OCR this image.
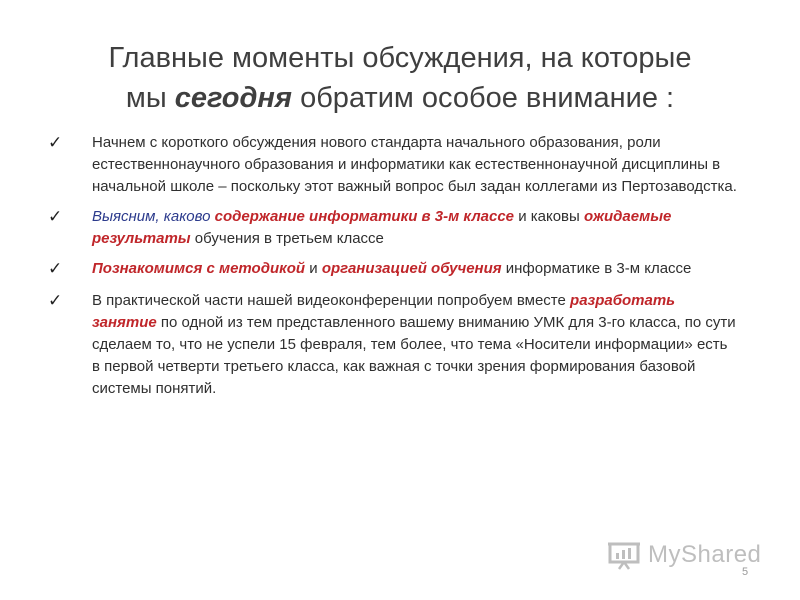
Главные моменты обсуждения, на которые
мы сегодня обратим особое внимание :
✓ Начнем с короткого обсуждения нового стандарта начального образования, роли естественнонаучного образования и информатики как естественнонаучной дисциплины в начальной школе – поскольку этот важный вопрос был задан коллегами из Пертозаводстка.
✓ Выясним, каково содержание информатики в 3-м классе и каковы ожидаемые результаты обучения в третьем классе
✓ Познакомимся с методикой и организацией обучения информатике в 3-м классе
✓ В практической части нашей видеоконференции попробуем вместе разработать занятие по одной из тем представленного вашему вниманию УМК для 3-го класса, по сути сделаем то, что не успели 15 февраля, тем более, что тема «Носители информации» есть в первой четверти третьего класса, как важная с точки зрения формирования базовой системы понятий.
MyShared
5
